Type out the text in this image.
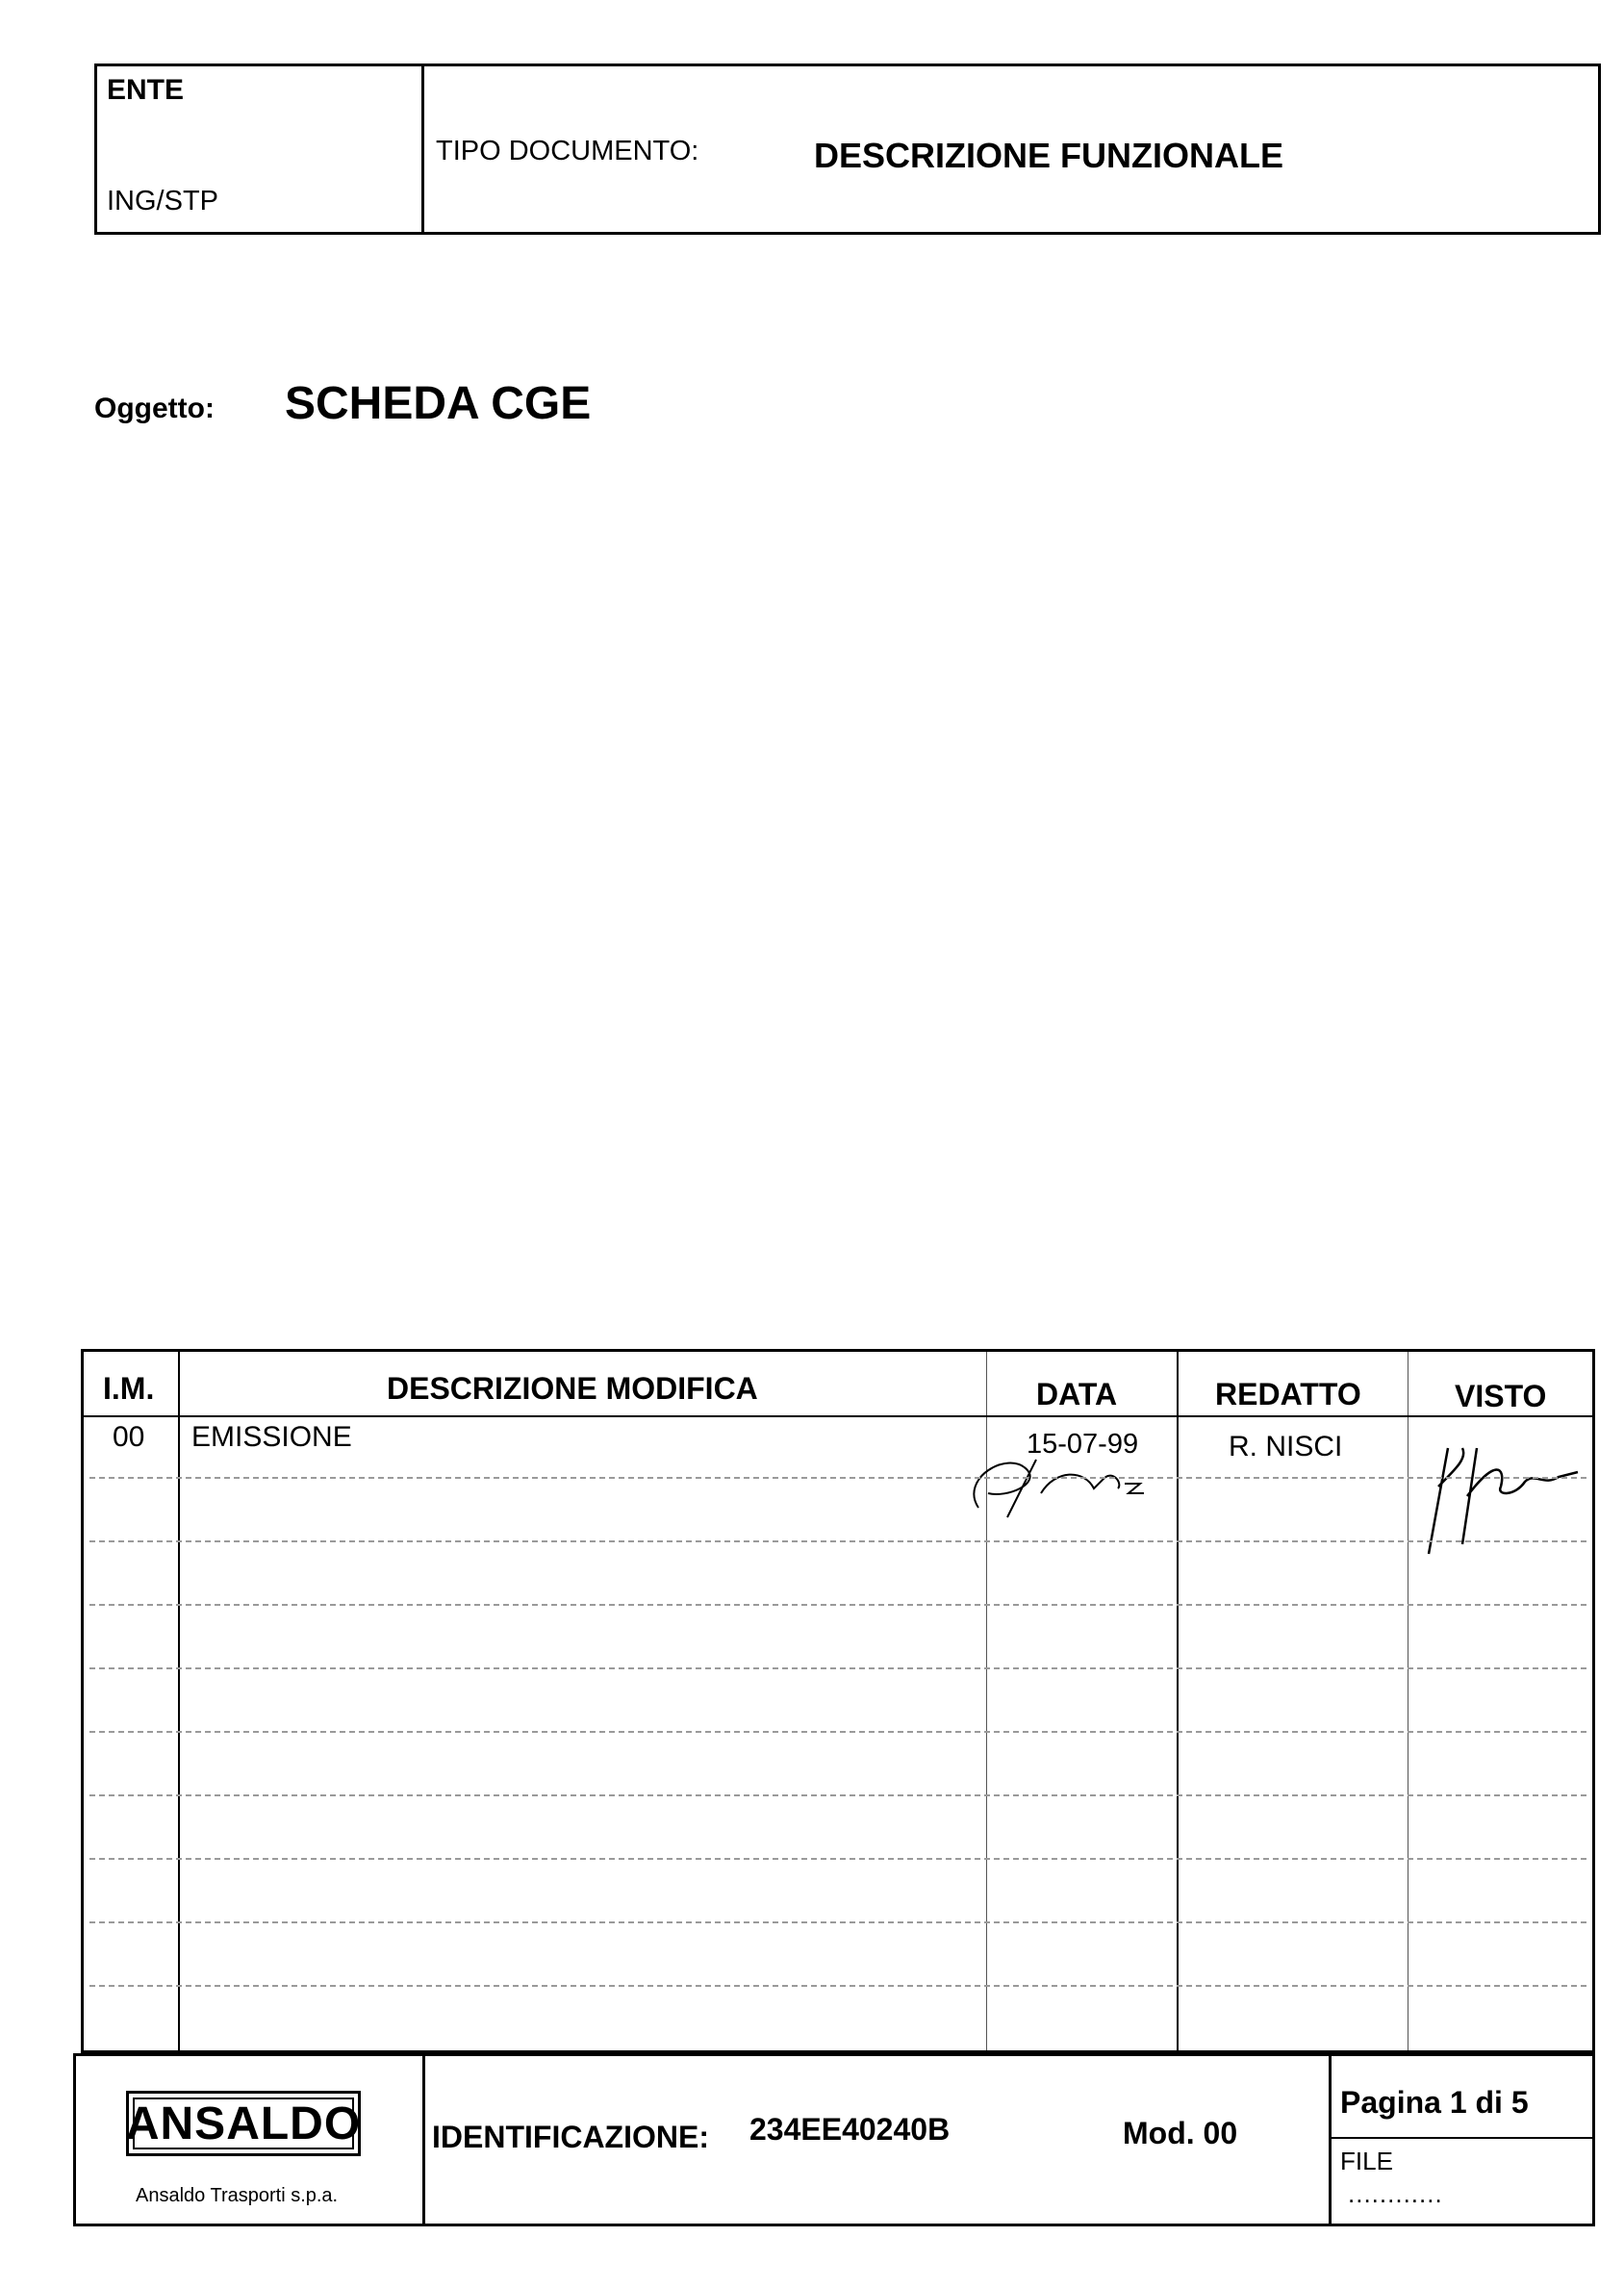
ENTE
ING/STP
TIPO DOCUMENTO:	DESCRIZIONE FUNZIONALE
Oggetto: SCHEDA CGE
I.M.	DESCRIZIONE MODIFICA	DATA	REDATTO	VISTO
00 EMISSIONE	15-07-99	R. NISCI
ANSALDO
Ansaldo Trasporti s.p.a.
IDENTIFICAZIONE: 234EE40240B	Mod. 00
Pagina 1 di 5
FILE
............
